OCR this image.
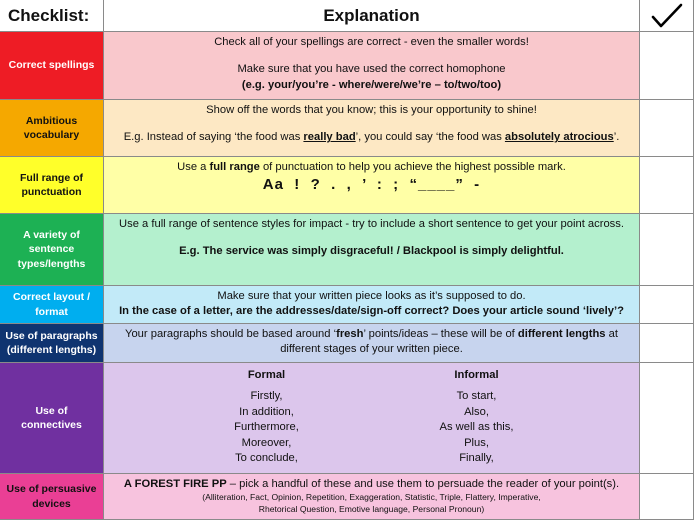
Checklist:	Explanation
Correct spellings

Check all of your spellings are correct - even the smaller words!

Make sure that you have used the correct homophone

(e.g. your/you’re - where/were/we’re – to/two/too)

Ambitious vocabulary

Show off the words that you know; this is your opportunity to shine!

E.g. Instead of saying ‘the food was really bad’, you could say ‘the food was absolutely atrocious’.

Full range of punctuation

Use a full range of punctuation to help you achieve the highest possible mark.

Aa  !  ?  .  ,  ’  :  ;  “____”  -

A variety of sentence types/lengths

Use a full range of sentence styles for impact - try to include a short sentence to get your point across.

E.g. The service was simply disgraceful! / Blackpool is simply delightful.

Correct layout / format

Make sure that your written piece looks as it’s supposed to do.

In the case of a letter, are the addresses/date/sign-off correct? Does your article sound ‘lively’?

Use of paragraphs (different lengths)

Your paragraphs should be based around ‘fresh’ points/ideas – these will be of different lengths at

different stages of your written piece.

Use of connectives
Formal
Firstly,
In addition,
Furthermore,
Moreover,
To conclude,
Informal
To start,
Also,
As well as this,
Plus,
Finally,
Use of persuasive devices

A FOREST FIRE PP – pick a handful of these and use them to persuade the reader of your point(s).

(Alliteration, Fact, Opinion, Repetition, Exaggeration, Statistic, Triple, Flattery, Imperative,

Rhetorical Question, Emotive language, Personal Pronoun)
